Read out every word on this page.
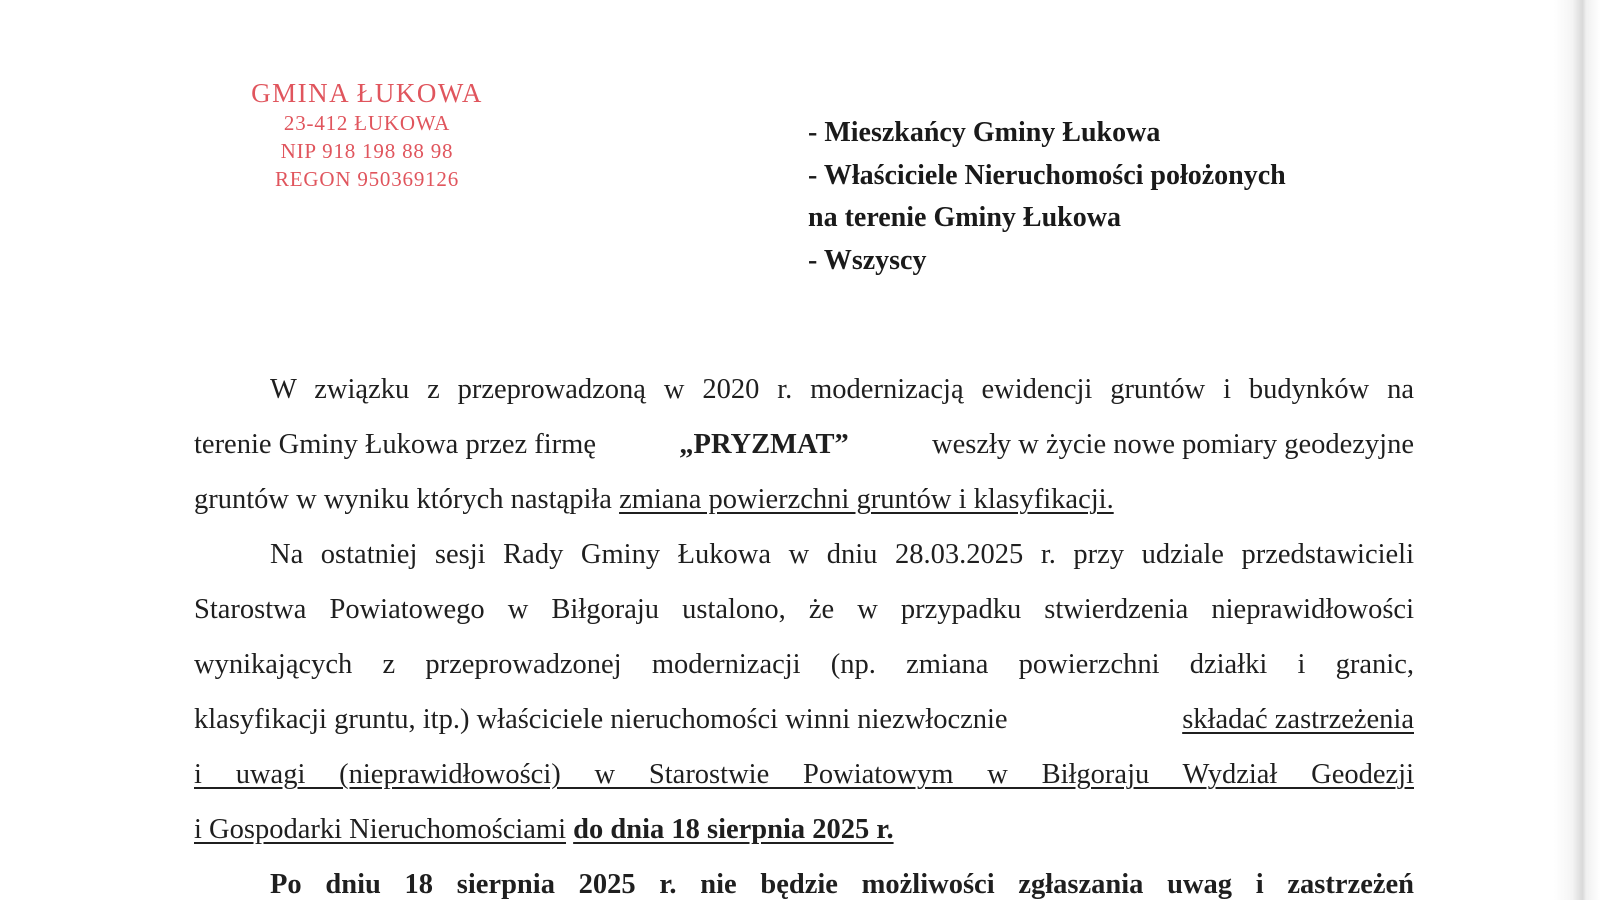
GMINA ŁUKOWA
23-412 ŁUKOWA
NIP 918 198 88 98
REGON 950369126
- Mieszkańcy Gminy Łukowa
- Właściciele Nieruchomości położonych
na terenie Gminy Łukowa
- Wszyscy
W związku z przeprowadzoną w 2020 r. modernizacją ewidencji gruntów i budynków na
terenie Gminy Łukowa przez firmę	„PRYZMAT”	weszły w życie nowe pomiary geodezyjne
gruntów w wyniku których nastąpiła zmiana powierzchni gruntów i klasyfikacji.
Na ostatniej sesji Rady Gminy Łukowa w dniu 28.03.2025 r. przy udziale przedstawicieli
Starostwa Powiatowego w Biłgoraju ustalono, że w przypadku stwierdzenia nieprawidłowości
wynikających z przeprowadzonej modernizacji (np. zmiana powierzchni działki i granic,
klasyfikacji gruntu, itp.) właściciele nieruchomości winni niezwłocznie	składać zastrzeżenia
i uwagi (nieprawidłowości) w Starostwie Powiatowym w Biłgoraju Wydział Geodezji
i Gospodarki Nieruchomościami do dnia 18 sierpnia 2025 r.
Po dniu 18 sierpnia 2025 r. nie będzie możliwości zgłaszania uwag i zastrzeżeń
